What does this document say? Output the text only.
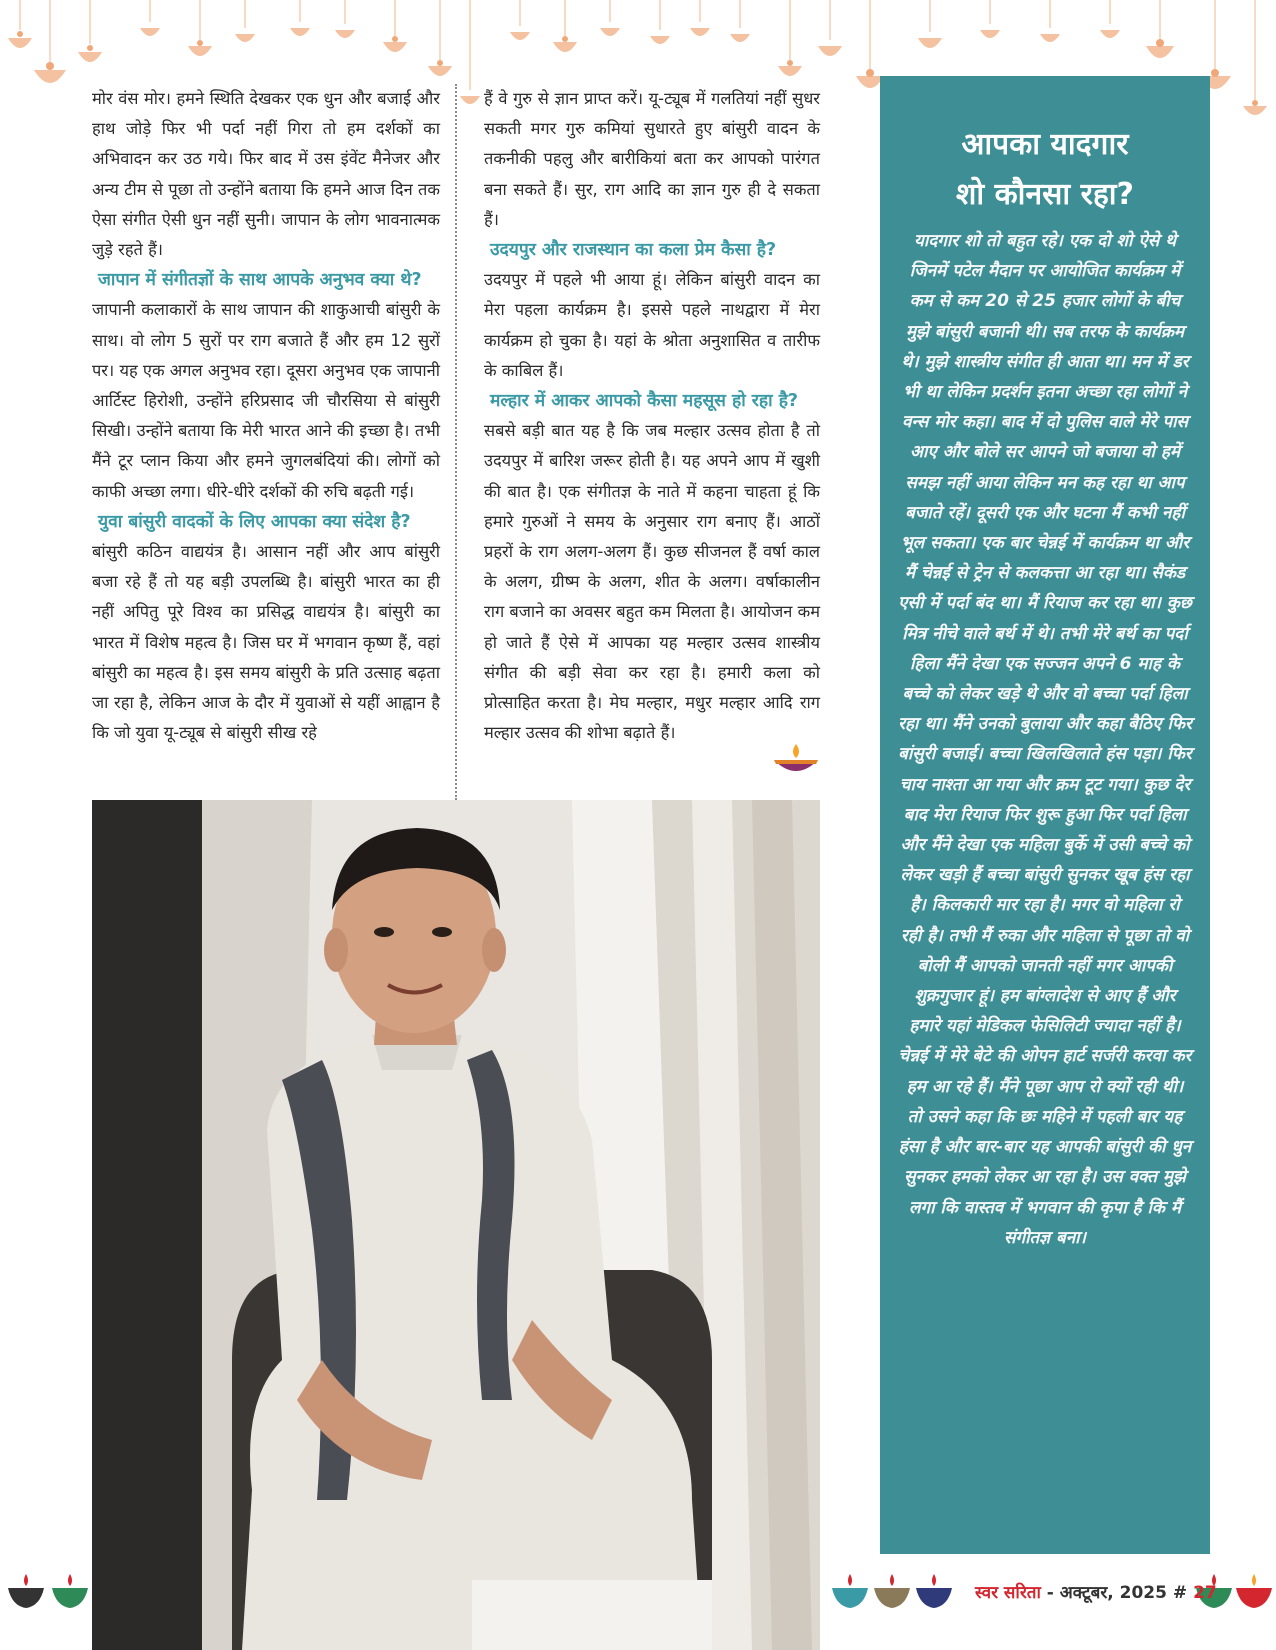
मोर वंस मोर। हमने स्थिति देखकर एक धुन और बजाई और हाथ जोड़े फिर भी पर्दा नहीं गिरा तो हम दर्शकों का अभिवादन कर उठ गये। फिर बाद में उस इंवेंट मैनेजर और अन्य टीम से पूछा तो उन्होंने बताया कि हमने आज दिन तक ऐसा संगीत ऐसी धुन नहीं सुनी। जापान के लोग भावनात्मक जुड़े रहते हैं।

जापान में संगीतज्ञों के साथ आपके अनुभव क्या थे?

जापानी कलाकारों के साथ जापान की शाकुआची बांसुरी के साथ। वो लोग 5 सुरों पर राग बजाते हैं और हम 12 सुरों पर। यह एक अगल अनुभव रहा। दूसरा अनुभव एक जापानी आर्टिस्ट हिरोशी, उन्होंने हरिप्रसाद जी चौरसिया से बांसुरी सिखी। उन्होंने बताया कि मेरी भारत आने की इच्छा है। तभी मैंने टूर प्लान किया और हमने जुगलबंदियां की। लोगों को काफी अच्छा लगा। धीरे-धीरे दर्शकों की रुचि बढ़ती गई।

युवा बांसुरी वादकों के लिए आपका क्या संदेश है?

बांसुरी कठिन वाद्ययंत्र है। आसान नहीं और आप बांसुरी बजा रहे हैं तो यह बड़ी उपलब्धि है। बांसुरी भारत का ही नहीं अपितु पूरे विश्व का प्रसिद्ध वाद्ययंत्र है। बांसुरी का भारत में विशेष महत्व है। जिस घर में भगवान कृष्ण हैं, वहां बांसुरी का महत्व है। इस समय बांसुरी के प्रति उत्साह बढ़ता जा रहा है, लेकिन आज के दौर में युवाओं से यहीं आह्वान है कि जो युवा यू-ट्यूब से बांसुरी सीख रहे

हैं वे गुरु से ज्ञान प्राप्त करें। यू-ट्यूब में गलतियां नहीं सुधर सकती मगर गुरु कमियां सुधारते हुए बांसुरी वादन के तकनीकी पहलु और बारीकियां बता कर आपको पारंगत बना सकते हैं। सुर, राग आदि का ज्ञान गुरु ही दे सकता हैं।

उदयपुर और राजस्थान का कला प्रेम कैसा है?

उदयपुर में पहले भी आया हूं। लेकिन बांसुरी वादन का मेरा पहला कार्यक्रम है। इससे पहले नाथद्वारा में मेरा कार्यक्रम हो चुका है। यहां के श्रोता अनुशासित व तारीफ के काबिल हैं।

मल्हार में आकर आपको कैसा महसूस हो रहा है?

सबसे बड़ी बात यह है कि जब मल्हार उत्सव होता है तो उदयपुर में बारिश जरूर होती है। यह अपने आप में खुशी की बात है। एक संगीतज्ञ के नाते में कहना चाहता हूं कि हमारे गुरुओं ने समय के अनुसार राग बनाए हैं। आठों प्रहरों के राग अलग-अलग हैं। कुछ सीजनल हैं वर्षा काल के अलग, ग्रीष्म के अलग, शीत के अलग। वर्षाकालीन राग बजाने का अवसर बहुत कम मिलता है। आयोजन कम हो जाते हैं ऐसे में आपका यह मल्हार उत्सव शास्त्रीय संगीत की बड़ी सेवा कर रहा है। हमारी कला को प्रोत्साहित करता है। मेघ मल्हार, मधुर मल्हार आदि राग मल्हार उत्सव की शोभा बढ़ाते हैं।

आपका यादगार
शो कौनसा रहा?

यादगार शो तो बहुत रहे। एक दो शो ऐसे थे जिनमें पटेल मैदान पर आयोजित कार्यक्रम में कम से कम 20 से 25 हजार लोगों के बीच मुझे बांसुरी बजानी थी। सब तरफ के कार्यक्रम थे। मुझे शास्त्रीय संगीत ही आता था। मन में डर भी था लेकिन प्रदर्शन इतना अच्छा रहा लोगों ने वन्स मोर कहा। बाद में दो पुलिस वाले मेरे पास आए और बोले सर आपने जो बजाया वो हमें समझ नहीं आया लेकिन मन कह रहा था आप बजाते रहें। दूसरी एक और घटना मैं कभी नहीं भूल सकता। एक बार चेन्नई में कार्यक्रम था और मैं चेन्नई से ट्रेन से कलकत्ता आ रहा था। सैकंड एसी में पर्दा बंद था। मैं रियाज कर रहा था। कुछ मित्र नीचे वाले बर्थ में थे। तभी मेरे बर्थ का पर्दा हिला मैंने देखा एक सज्जन अपने 6 माह के बच्चे को लेकर खड़े थे और वो बच्चा पर्दा हिला रहा था। मैंने उनको बुलाया और कहा बैठिए फिर बांसुरी बजाई। बच्चा खिलखिलाते हंस पड़ा। फिर चाय नाश्ता आ गया और क्रम टूट गया। कुछ देर बाद मेरा रियाज फिर शुरू हुआ फिर पर्दा हिला और मैंने देखा एक महिला बुर्के में उसी बच्चे को लेकर खड़ी हैं बच्चा बांसुरी सुनकर खूब हंस रहा है। किलकारी मार रहा है। मगर वो महिला रो रही है। तभी मैं रुका और महिला से पूछा तो वो बोली मैं आपको जानती नहीं मगर आपकी शुक्रगुजार हूं। हम बांग्लादेश से आए हैं और हमारे यहां मेडिकल फेसिलिटी ज्यादा नहीं है। चेन्नई में मेरे बेटे की ओपन हार्ट सर्जरी करवा कर हम आ रहे हैं। मैंने पूछा आप रो क्यों रही थी। तो उसने कहा कि छः महिने में पहली बार यह हंसा है और बार-बार यह आपकी बांसुरी की धुन सुनकर हमको लेकर आ रहा है। उस वक्त मुझे लगा कि वास्तव में भगवान की कृपा है कि मैं संगीतज्ञ बना।

स्वर सरिता - अक्टूबर, 2025 # 27
